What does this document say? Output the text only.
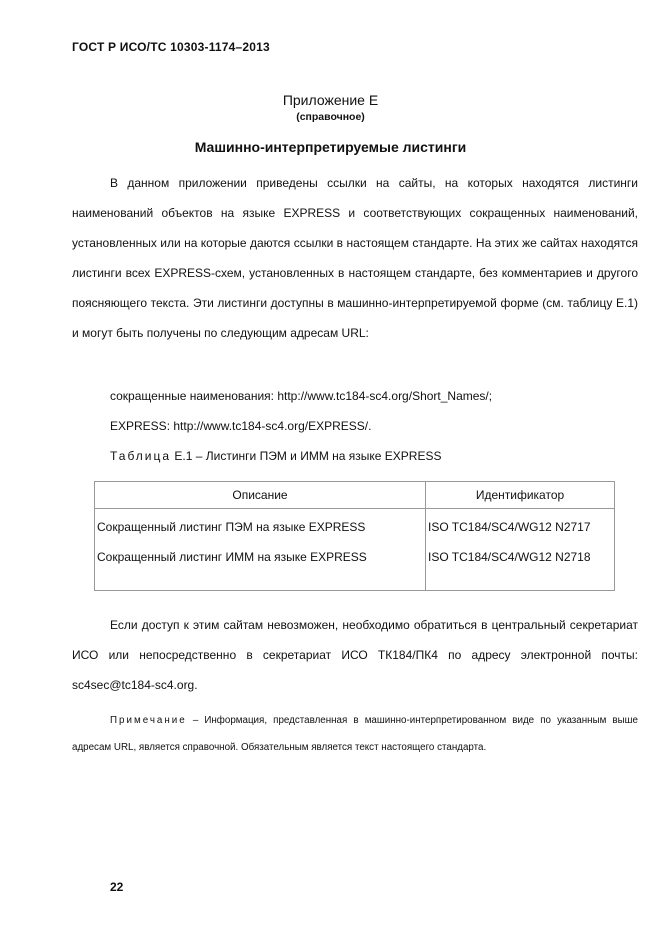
ГОСТ Р ИСО/ТС 10303-1174–2013
Приложение Е
(справочное)
Машинно-интерпретируемые листинги

В данном приложении приведены ссылки на сайты, на которых находятся листинги наименований объектов на языке EXPRESS и соответствующих сокращенных наименований, установленных или на которые даются ссылки в настоящем стандарте. На этих же сайтах находятся листинги всех EXPRESS-схем, установленных в настоящем стандарте, без комментариев и другого поясняющего текста. Эти листинги доступны в машинно-интерпретируемой форме (см. таблицу Е.1) и могут быть получены по следующим адресам URL:

сокращенные наименования: http://www.tc184-sc4.org/Short_Names/;
EXPRESS: http://www.tc184-sc4.org/EXPRESS/.
Таблица Е.1 – Листинги ПЭМ и ИММ на языке EXPRESS
Описание	Идентификатор
Сокращенный листинг ПЭМ на языке EXPRESS	ISO TC184/SC4/WG12 N2717
Сокращенный листинг ИММ на языке EXPRESS	ISO TC184/SC4/WG12 N2718

Если доступ к этим сайтам невозможен, необходимо обратиться в центральный секретариат ИСО или непосредственно в секретариат ИСО ТК184/ПК4 по адресу электронной почты: sc4sec@tc184-sc4.org.

Примечание – Информация, представленная в машинно-интерпретированном виде по указанным выше адресам URL, является справочной. Обязательным является текст настоящего стандарта.

22
